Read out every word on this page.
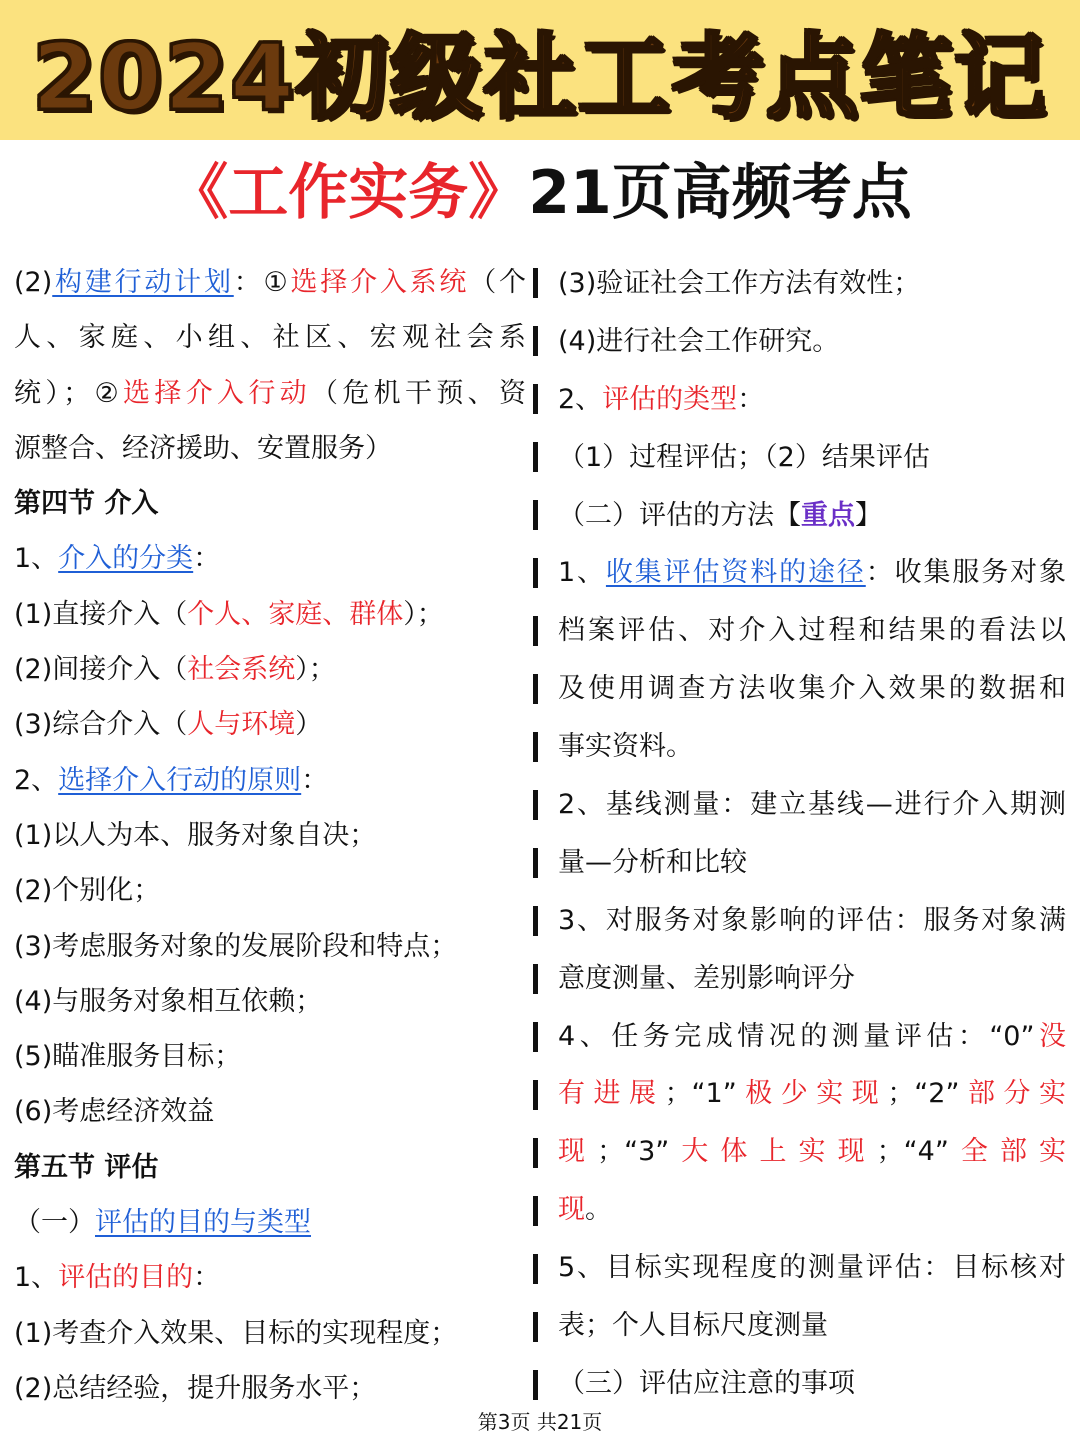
2024初级社工考点笔记
《工作实务》21页高频考点
(2)构建行动计划：①选择介入系统（个
人、家庭、小组、社区、宏观社会系
统）；②选择介入行动（危机干预、资
源整合、经济援助、安置服务）
第四节 介入
1、介入的分类：
(1)直接介入（个人、家庭、群体）；
(2)间接介入（社会系统）；
(3)综合介入（人与环境）
2、选择介入行动的原则：
(1)以人为本、服务对象自决；
(2)个别化；
(3)考虑服务对象的发展阶段和特点；
(4)与服务对象相互依赖；
(5)瞄准服务目标；
(6)考虑经济效益
第五节 评估
（一）评估的目的与类型
1、评估的目的：
(1)考查介入效果、目标的实现程度；
(2)总结经验，提升服务水平；
(3)验证社会工作方法有效性；
(4)进行社会工作研究。
2、评估的类型：
（1）过程评估；（2）结果评估
（二）评估的方法【重点】
1、收集评估资料的途径：收集服务对象
档案评估、对介入过程和结果的看法以
及使用调查方法收集介入效果的数据和
事实资料。
2、基线测量：建立基线—进行介入期测
量—分析和比较
3、对服务对象影响的评估：服务对象满
意度测量、差别影响评分
4、任务完成情况的测量评估：“0”没
有进展；“1”极少实现；“2”部分实
现；“3”大体上实现；“4”全部实
现。
5、目标实现程度的测量评估：目标核对
表；个人目标尺度测量
（三）评估应注意的事项
第3页 共21页
